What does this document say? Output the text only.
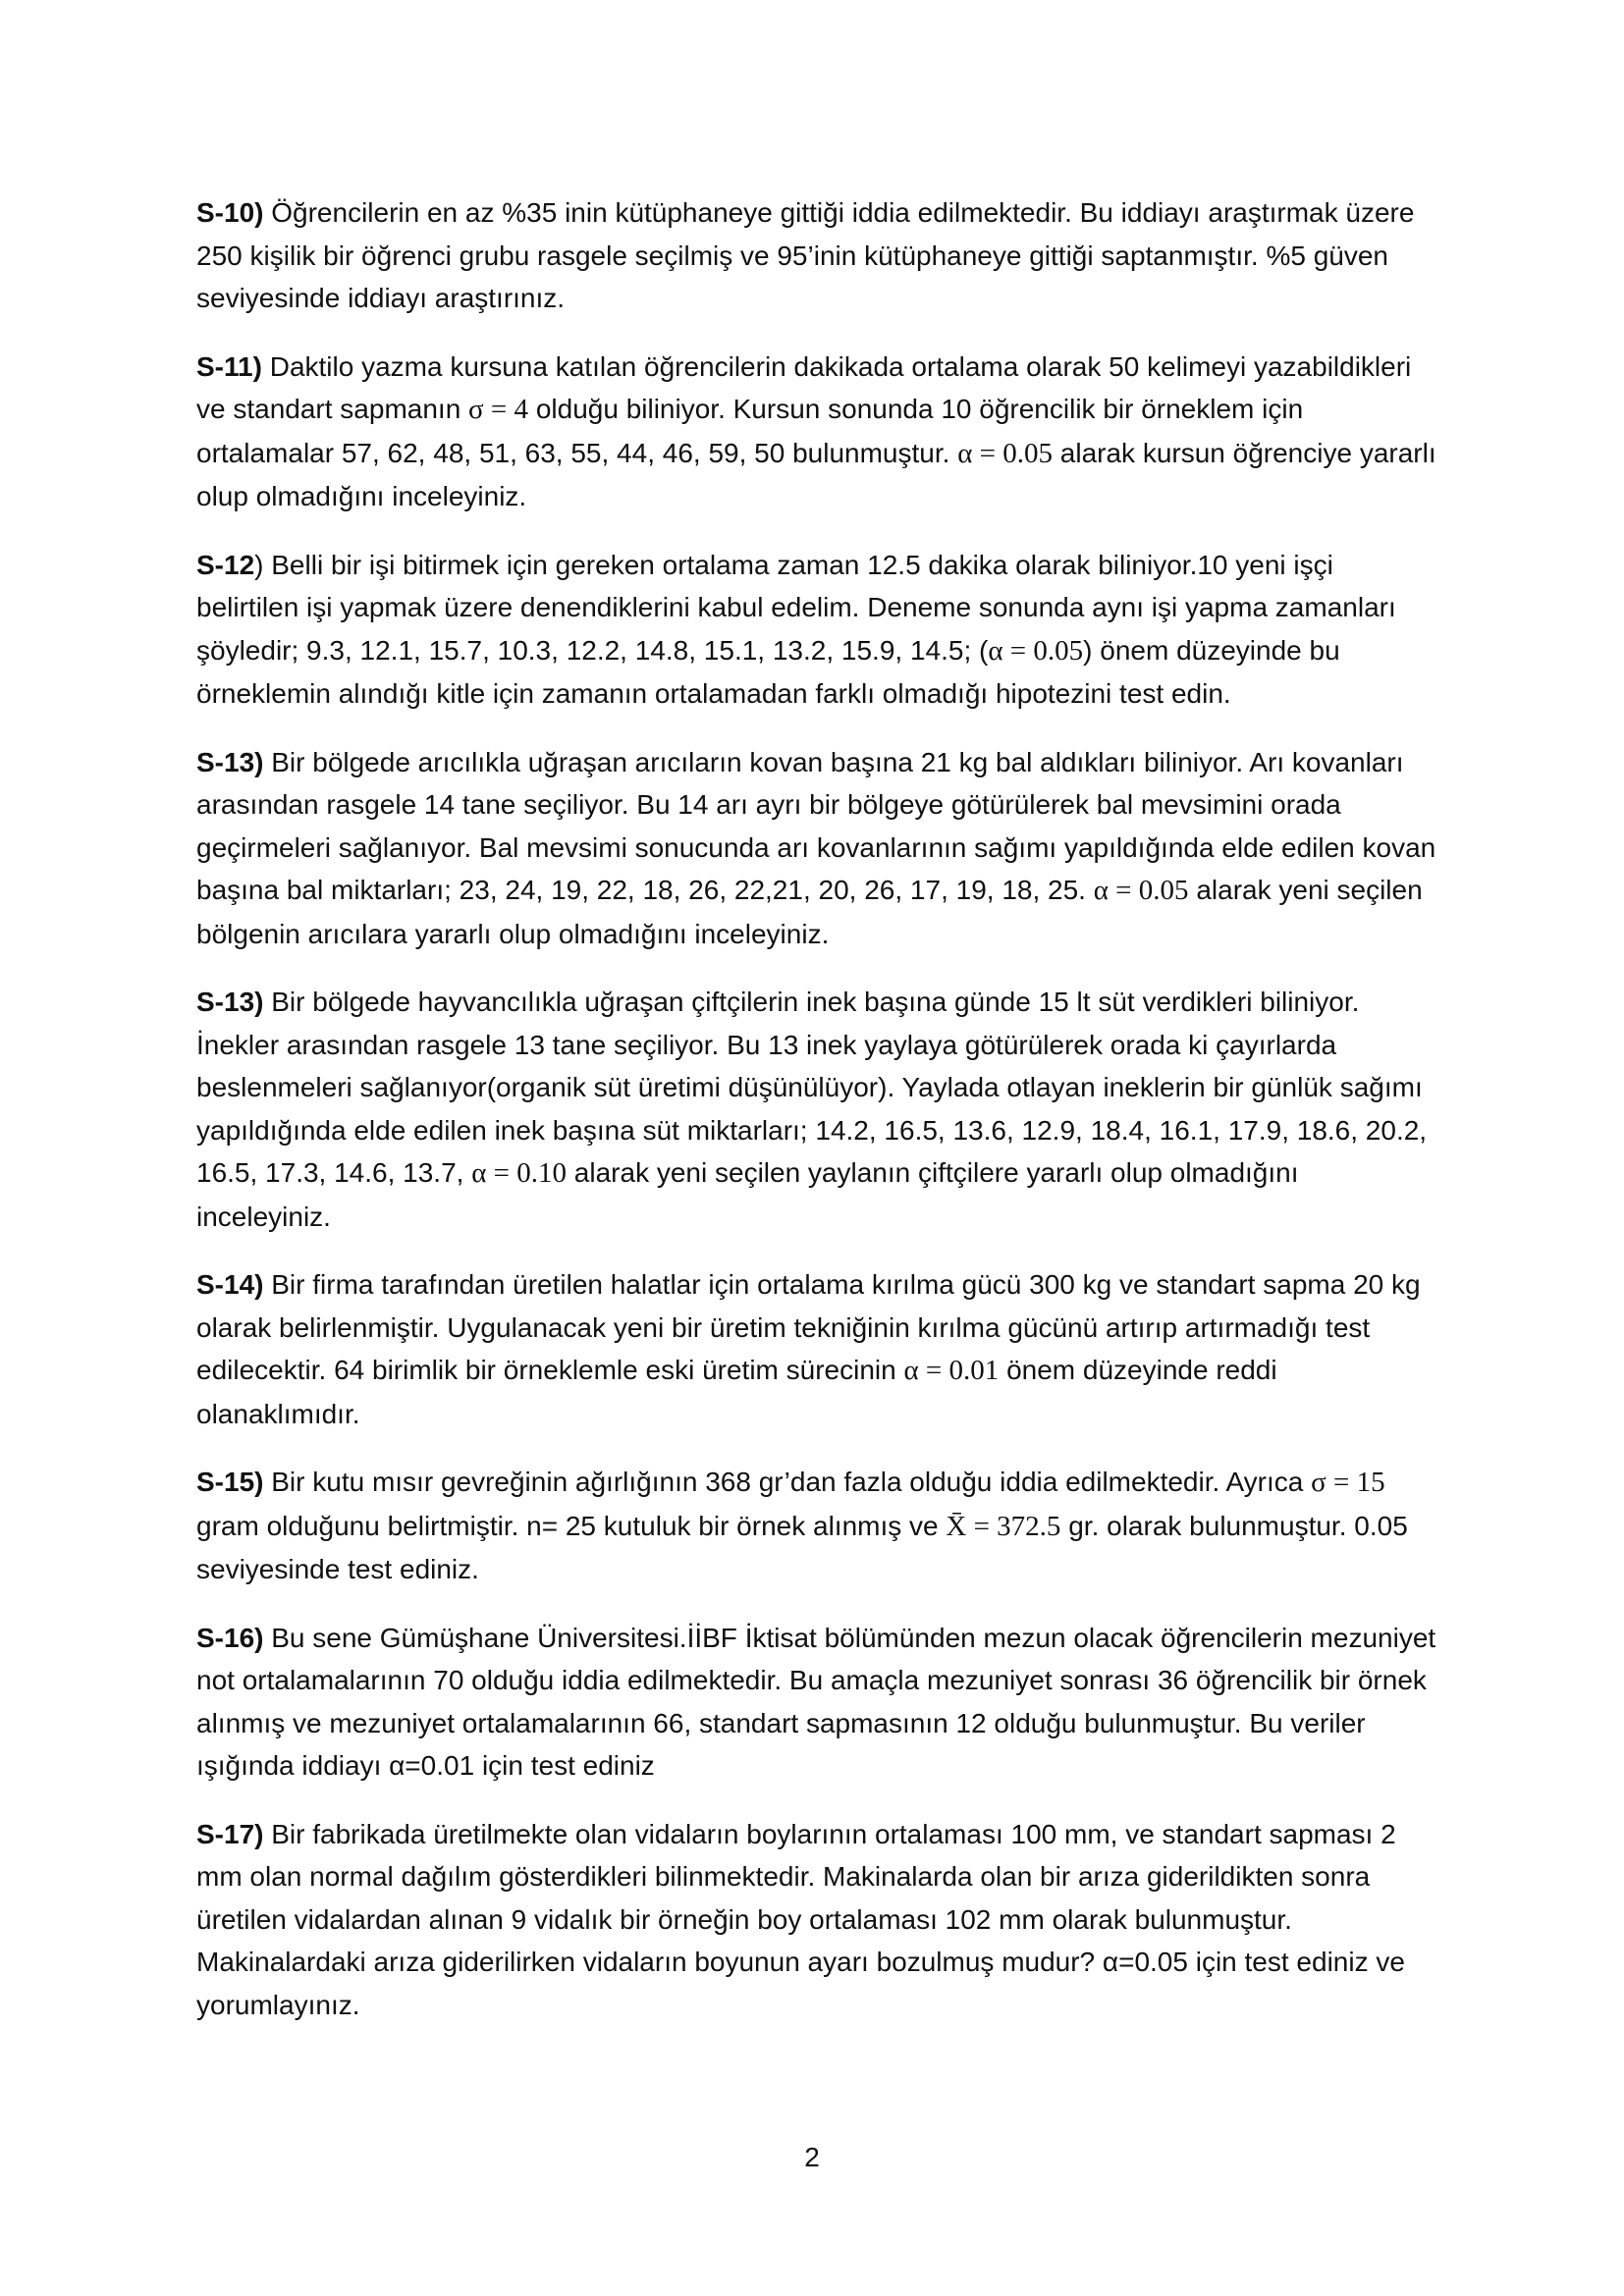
S-10) Öğrencilerin en az %35 inin kütüphaneye gittiği iddia edilmektedir. Bu iddiayı araştırmak üzere 250 kişilik bir öğrenci grubu rasgele seçilmiş ve 95’inin kütüphaneye gittiği saptanmıştır. %5 güven seviyesinde iddiayı araştırınız.

S-11) Daktilo yazma kursuna katılan öğrencilerin dakikada ortalama olarak 50 kelimeyi yazabildikleri ve standart sapmanın σ = 4 olduğu biliniyor. Kursun sonunda 10 öğrencilik bir örneklem için ortalamalar 57, 62, 48, 51, 63, 55, 44, 46, 59, 50 bulunmuştur. α = 0.05 alarak kursun öğrenciye yararlı olup olmadığını inceleyiniz.

S-12) Belli bir işi bitirmek için gereken ortalama zaman 12.5 dakika olarak biliniyor.10 yeni işçi belirtilen işi yapmak üzere denendiklerini kabul edelim. Deneme sonunda aynı işi yapma zamanları şöyledir; 9.3, 12.1, 15.7, 10.3, 12.2, 14.8, 15.1, 13.2, 15.9, 14.5; (α = 0.05) önem düzeyinde bu örneklemin alındığı kitle için zamanın ortalamadan farklı olmadığı hipotezini test edin.

S-13) Bir bölgede arıcılıkla uğraşan arıcıların kovan başına 21 kg bal aldıkları biliniyor. Arı kovanları arasından rasgele 14 tane seçiliyor. Bu 14 arı ayrı bir bölgeye götürülerek bal mevsimini orada geçirmeleri sağlanıyor. Bal mevsimi sonucunda arı kovanlarının sağımı yapıldığında elde edilen kovan başına bal miktarları; 23, 24, 19, 22, 18, 26, 22,21, 20, 26, 17, 19, 18, 25. α = 0.05 alarak yeni seçilen bölgenin arıcılara yararlı olup olmadığını inceleyiniz.

S-13) Bir bölgede hayvancılıkla uğraşan çiftçilerin inek başına günde 15 lt süt verdikleri biliniyor. İnekler arasından rasgele 13 tane seçiliyor. Bu 13 inek yaylaya götürülerek orada ki çayırlarda beslenmeleri sağlanıyor(organik süt üretimi düşünülüyor). Yaylada otlayan ineklerin bir günlük sağımı yapıldığında elde edilen inek başına süt miktarları; 14.2, 16.5, 13.6, 12.9, 18.4, 16.1, 17.9, 18.6, 20.2, 16.5, 17.3, 14.6, 13.7, α = 0.10 alarak yeni seçilen yaylanın çiftçilere yararlı olup olmadığını inceleyiniz.

S-14) Bir firma tarafından üretilen halatlar için ortalama kırılma gücü 300 kg ve standart sapma 20 kg olarak belirlenmiştir. Uygulanacak yeni bir üretim tekniğinin kırılma gücünü artırıp artırmadığı test edilecektir. 64 birimlik bir örneklemle eski üretim sürecinin α = 0.01 önem düzeyinde reddi olanaklımıdır.

S-15) Bir kutu mısır gevreğinin ağırlığının 368 gr’dan fazla olduğu iddia edilmektedir. Ayrıca σ = 15 gram olduğunu belirtmiştir. n= 25 kutuluk bir örnek alınmış ve X̄ = 372.5 gr. olarak bulunmuştur. 0.05 seviyesinde test ediniz.

S-16) Bu sene Gümüşhane Üniversitesi.İİBF İktisat bölümünden mezun olacak öğrencilerin mezuniyet not ortalamalarının 70 olduğu iddia edilmektedir. Bu amaçla mezuniyet sonrası 36 öğrencilik bir örnek alınmış ve mezuniyet ortalamalarının 66, standart sapmasının 12 olduğu bulunmuştur. Bu veriler ışığında iddiayı α=0.01 için test ediniz

S-17) Bir fabrikada üretilmekte olan vidaların boylarının ortalaması 100 mm, ve standart sapması 2 mm olan normal dağılım gösterdikleri bilinmektedir. Makinalarda olan bir arıza giderildikten sonra üretilen vidalardan alınan 9 vidalık bir örneğin boy ortalaması 102 mm olarak bulunmuştur. Makinalardaki arıza giderilirken vidaların boyunun ayarı bozulmuş mudur? α=0.05 için test ediniz ve yorumlayınız.

2
